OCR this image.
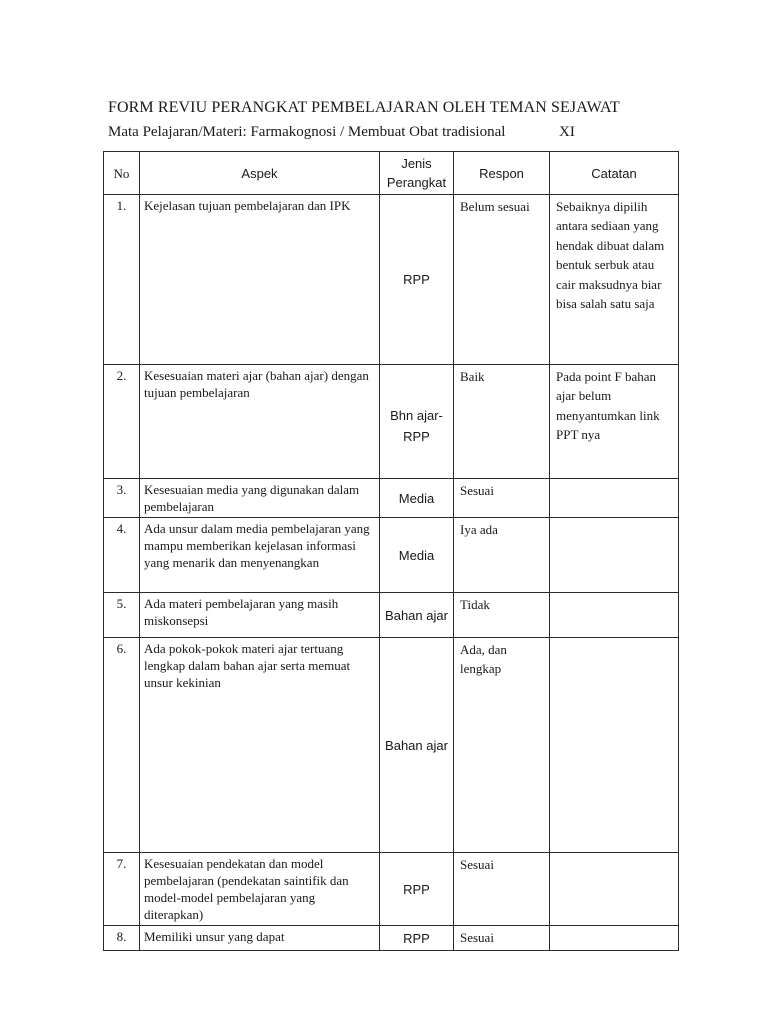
FORM REVIU PERANGKAT PEMBELAJARAN OLEH TEMAN SEJAWAT
Mata Pelajaran/Materi: Farmakognosi / Membuat Obat tradisional	XI
No	Aspek	Jenis Perangkat	Respon	Catatan

1.	Kejelasan tujuan pembelajaran dan IPK	RPP	Belum sesuai	Sebaiknya dipilih antara sediaan yang hendak dibuat dalam bentuk serbuk atau cair maksudnya biar bisa salah satu saja

2.	Kesesuaian materi ajar (bahan ajar) dengan tujuan pembelajaran	Bhn ajar-RPP	Baik	Pada point F bahan ajar belum menyantumkan link PPT nya

3.	Kesesuaian media yang digunakan dalam pembelajaran	Media	Sesuai	

4.	Ada unsur dalam media pembelajaran yang mampu memberikan kejelasan informasi yang menarik dan menyenangkan	Media	Iya ada	

5.	Ada materi pembelajaran yang masih miskonsepsi	Bahan ajar	Tidak	

6.	Ada pokok-pokok materi ajar tertuang lengkap dalam bahan ajar serta memuat unsur kekinian	Bahan ajar	Ada, dan lengkap	

7.	Kesesuaian pendekatan dan model pembelajaran (pendekatan saintifik dan model-model pembelajaran yang diterapkan)	RPP	Sesuai	

8.	Memiliki unsur yang dapat	RPP	Sesuai	
